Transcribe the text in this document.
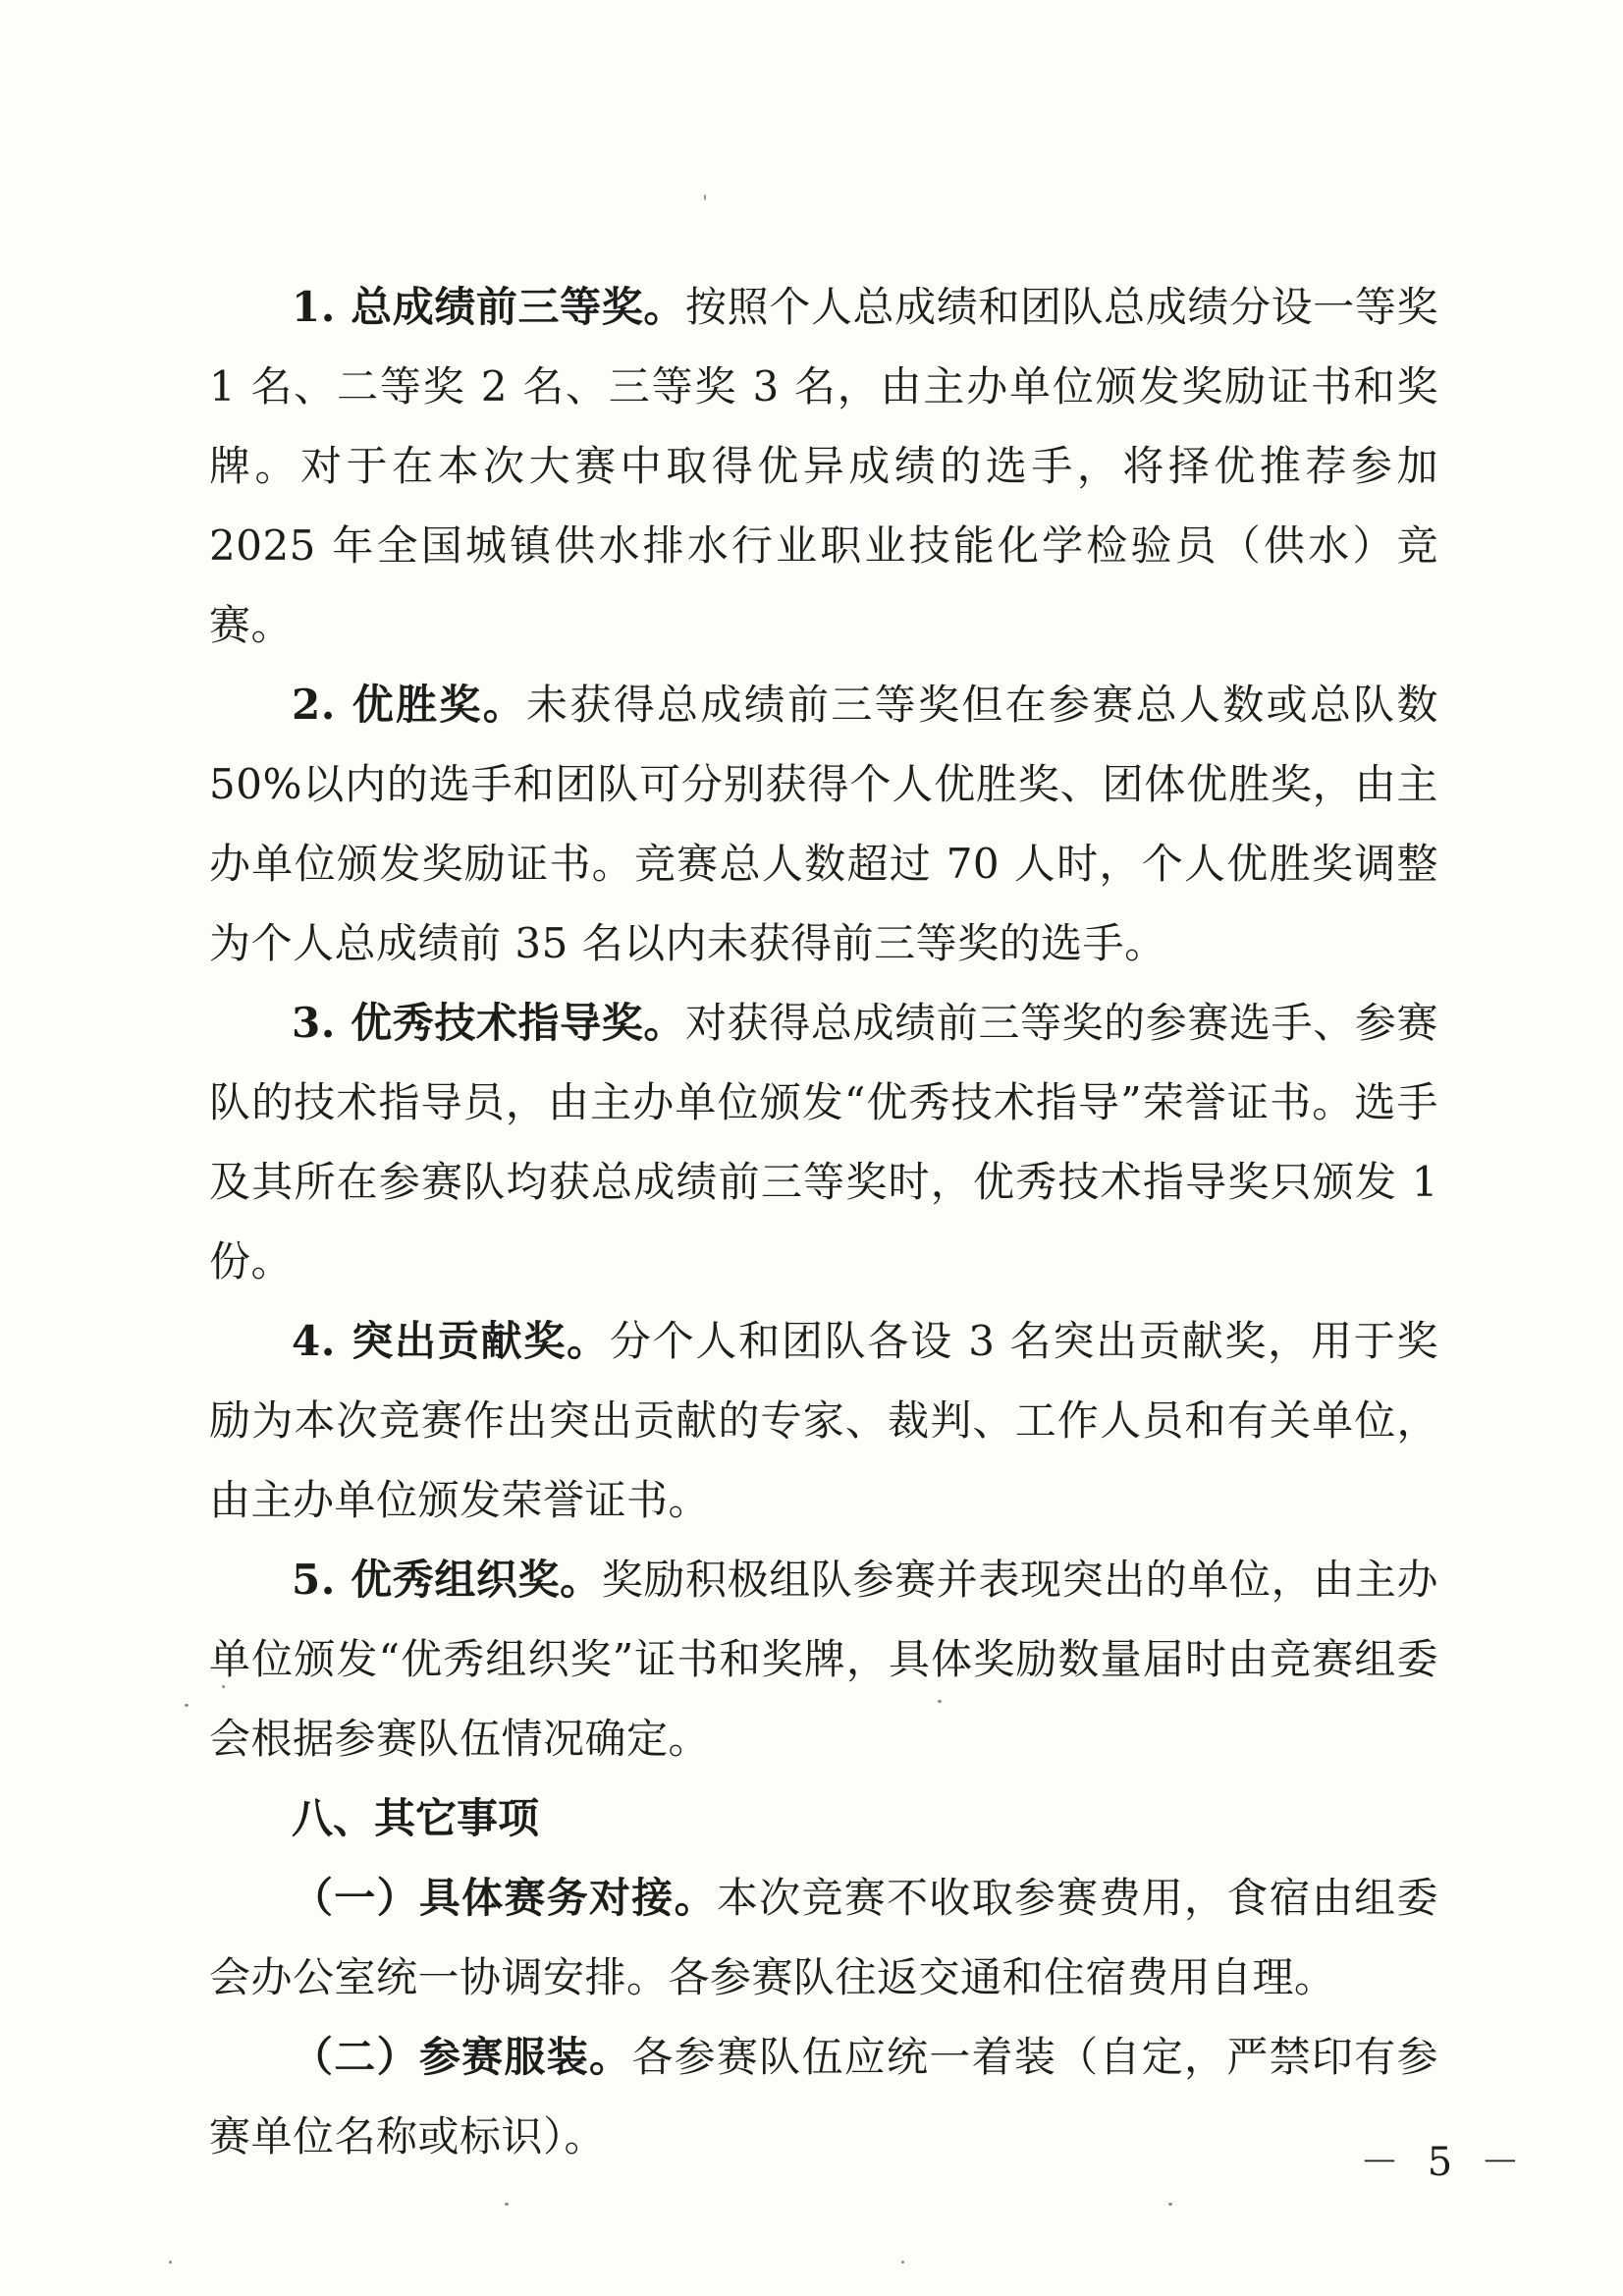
1. 总成绩前三等奖。按照个人总成绩和团队总成绩分设一等奖 1 名、二等奖 2 名、三等奖 3 名，由主办单位颁发奖励证书和奖牌。对于在本次大赛中取得优异成绩的选手，将择优推荐参加 2025 年全国城镇供水排水行业职业技能化学检验员（供水）竞赛。

2. 优胜奖。未获得总成绩前三等奖但在参赛总人数或总队数 50%以内的选手和团队可分别获得个人优胜奖、团体优胜奖，由主办单位颁发奖励证书。竞赛总人数超过 70 人时，个人优胜奖调整为个人总成绩前 35 名以内未获得前三等奖的选手。

3. 优秀技术指导奖。对获得总成绩前三等奖的参赛选手、参赛队的技术指导员，由主办单位颁发“优秀技术指导”荣誉证书。选手及其所在参赛队均获总成绩前三等奖时，优秀技术指导奖只颁发 1 份。

4. 突出贡献奖。分个人和团队各设 3 名突出贡献奖，用于奖励为本次竞赛作出突出贡献的专家、裁判、工作人员和有关单位，由主办单位颁发荣誉证书。

5. 优秀组织奖。奖励积极组队参赛并表现突出的单位，由主办单位颁发“优秀组织奖”证书和奖牌，具体奖励数量届时由竞赛组委会根据参赛队伍情况确定。

八、其它事项

（一）具体赛务对接。本次竞赛不收取参赛费用，食宿由组委会办公室统一协调安排。各参赛队往返交通和住宿费用自理。

（二）参赛服装。各参赛队伍应统一着装（自定，严禁印有参赛单位名称或标识）。

－ 5 －
